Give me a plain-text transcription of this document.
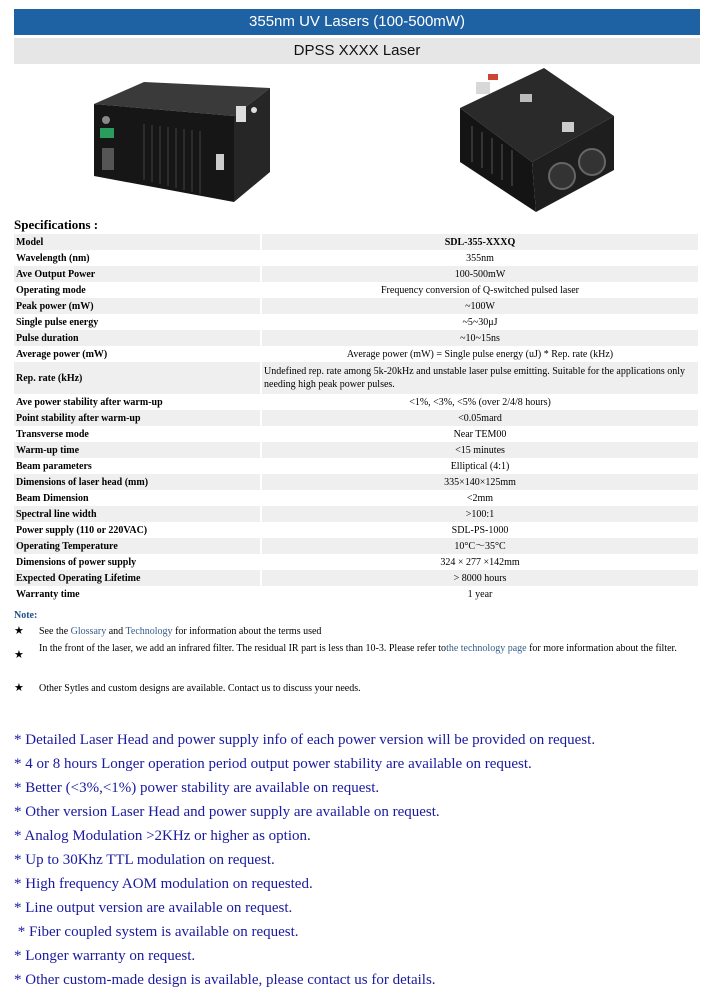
355nm UV Lasers (100-500mW)
DPSS XXXX Laser
Specifications :
Model	SDL-355-XXXQ
Wavelength (nm)	355nm
Ave Output Power	100-500mW
Operating mode	Frequency conversion of Q-switched pulsed laser
Peak power (mW)	~100W
Single pulse energy	~5~30μJ
Pulse duration	~10~15ns
Average power (mW)	Average power (mW) = Single pulse energy (uJ) * Rep. rate (kHz)
Rep. rate (kHz)	Undefined rep. rate among 5k-20kHz and unstable laser pulse emitting. Suitable for the applications only needing high peak power pulses.
Ave power stability after warm-up	<1%, <3%, <5% (over 2/4/8 hours)
Point stability after warm-up	<0.05mard
Transverse mode	Near TEM00
Warm-up time	<15 minutes
Beam parameters	Elliptical (4:1)
Dimensions of laser head (mm)	335×140×125mm
Beam Dimension	<2mm
Spectral line width	>100:1
Power supply (110 or 220VAC)	SDL-PS-1000
Operating Temperature	10°C～35°C
Dimensions of power supply	324 × 277 ×142mm
Expected Operating Lifetime	> 8000 hours
Warranty time	1 year
Note:
★ See the Glossary and Technology for information about the terms used
★
In the front of the laser, we add an infrared filter. The residual IR part is less than 10-3. Please refer tothe technology page for more information about the filter.
★ Other Sytles and custom designs are available. Contact us to discuss your needs.
* Detailed Laser Head and power supply info of each power version will be provided on request.
* 4 or 8 hours Longer operation period output power stability are available on request.
* Better (<3%,<1%) power stability are available on request.
* Other version Laser Head and power supply are available on request.
* Analog Modulation >2KHz or higher as option.
* Up to 30Khz TTL modulation on request.
* High frequency AOM modulation on requested.
* Line output version are available on request.
* Fiber coupled system is available on request.
* Longer warranty on request.
* Other custom-made design is available, please contact us for details.
